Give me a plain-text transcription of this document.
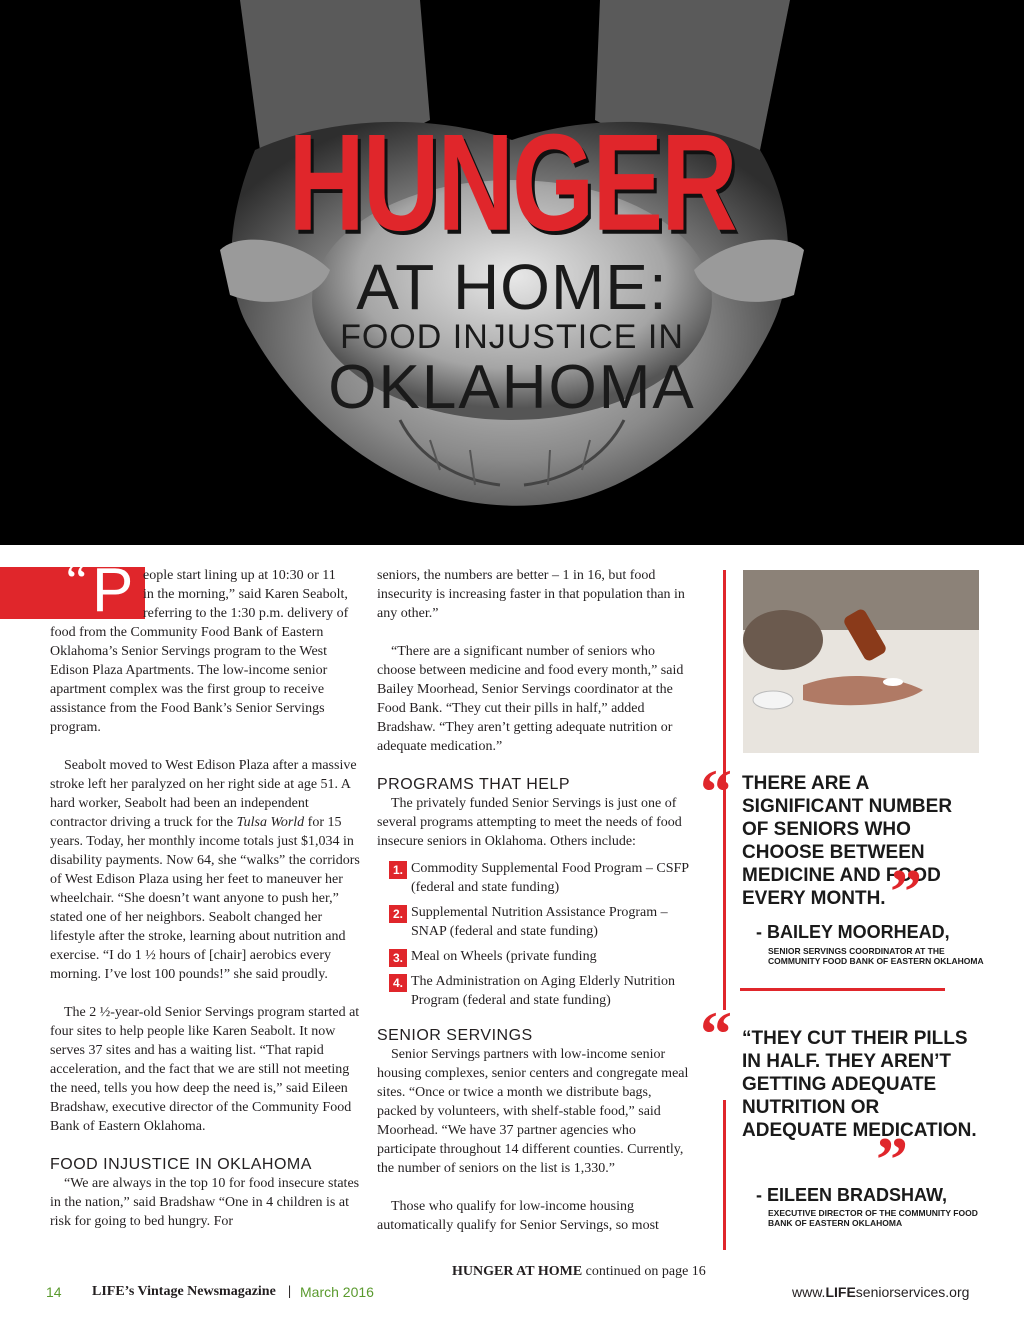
HUNGER
AT HOME:
FOOD INJUSTICE IN
OKLAHOMA
“ P eople start lining up at 10:30 or 11
in the morning,” said Karen Seabolt,
referring to the 1:30 p.m. delivery of

food from the Community Food Bank of Eastern Oklahoma’s Senior Servings program to the West Edison Plaza Apartments. The low-income senior apartment complex was the first group to receive assistance from the Food Bank’s Senior Servings program.

Seabolt moved to West Edison Plaza after a massive stroke left her paralyzed on her right side at age 51. A hard worker, Seabolt had been an independent contractor driving a truck for the Tulsa World for 15 years. Today, her monthly income totals just $1,034 in disability payments. Now 64, she “walks” the corridors of West Edison Plaza using her feet to maneuver her wheelchair. “She doesn’t want anyone to push her,” stated one of her neighbors. Seabolt changed her lifestyle after the stroke, learning about nutrition and exercise. “I do 1 ½ hours of [chair] aerobics every morning. I’ve lost 100 pounds!” she said proudly.

The 2 ½-year-old Senior Servings program started at four sites to help people like Karen Seabolt. It now serves 37 sites and has a waiting list. “That rapid acceleration, and the fact that we are still not meeting the need, tells you how deep the need is,” said Eileen Bradshaw, executive director of the Community Food Bank of Eastern Oklahoma.

FOOD INJUSTICE IN OKLAHOMA

“We are always in the top 10 for food insecure states in the nation,” said Bradshaw “One in 4 children is at risk for going to bed hungry. For

seniors, the numbers are better – 1 in 16, but food insecurity is increasing faster in that population than in any other.”

“There are a significant number of seniors who choose between medicine and food every month,” said Bailey Moorhead, Senior Servings coordinator at the Food Bank. “They cut their pills in half,” added Bradshaw. “They aren’t getting adequate nutrition or adequate medication.”

PROGRAMS THAT HELP

The privately funded Senior Servings is just one of several programs attempting to meet the needs of food insecure seniors in Oklahoma. Others include:

1. Commodity Supplemental Food Program – CSFP (federal and state funding)
2. Supplemental Nutrition Assistance Program – SNAP (federal and state funding)
3. Meal on Wheels (private funding
4. The Administration on Aging Elderly Nutrition Program (federal and state funding)
SENIOR SERVINGS

Senior Servings partners with low-income senior housing complexes, senior centers and congregate meal sites. “Once or twice a month we distribute bags, packed by volunteers, with shelf-stable food,” said Moorhead. “We have 37 partner agencies who participate throughout 14 different counties. Currently, the number of seniors on the list is 1,330.”

Those who qualify for low-income housing automatically qualify for Senior Servings, so most

HUNGER AT HOME continued on page 16
“ THERE ARE A SIGNIFICANT NUMBER OF SENIORS WHO CHOOSE BETWEEN MEDICINE AND FOOD EVERY MONTH. ”
- BAILEY MOORHEAD,
SENIOR SERVINGS COORDINATOR AT THE COMMUNITY FOOD BANK OF EASTERN OKLAHOMA
“ “THEY CUT THEIR PILLS IN HALF. THEY AREN’T GETTING ADEQUATE NUTRITION OR ADEQUATE MEDICATION.
”
- EILEEN BRADSHAW,
EXECUTIVE DIRECTOR OF THE COMMUNITY FOOD BANK OF EASTERN OKLAHOMA
14 LIFE’s Vintage Newsmagazine | March 2016	www.LIFEseniorservices.org
